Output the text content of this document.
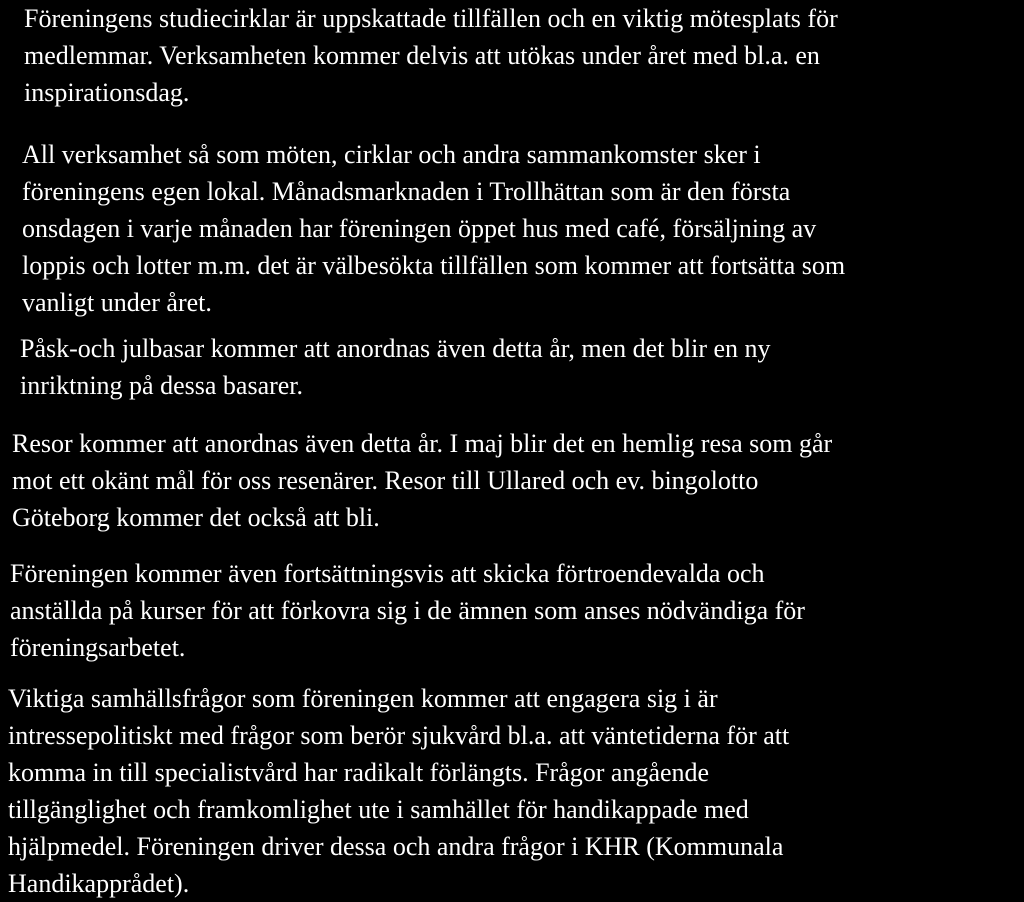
Föreningens studiecirklar är uppskattade tillfällen och en viktig mötesplats för
medlemmar. Verksamheten kommer delvis att utökas under året med bl.a. en
inspirationsdag.

All verksamhet så som möten, cirklar och andra sammankomster sker i
föreningens egen lokal. Månadsmarknaden i Trollhättan som är den första
onsdagen i varje månaden har föreningen öppet hus med café, försäljning av
loppis och lotter m.m. det är välbesökta tillfällen som kommer att fortsätta som
vanligt under året.

Påsk-och julbasar kommer att anordnas även detta år, men det blir en ny
inriktning på dessa basarer.

Resor kommer att anordnas även detta år. I maj blir det en hemlig resa som går
mot ett okänt mål för oss resenärer. Resor till Ullared och ev. bingolotto
Göteborg kommer det också att bli.

Föreningen kommer även fortsättningsvis att skicka förtroendevalda och
anställda på kurser för att förkovra sig i de ämnen som anses nödvändiga för
föreningsarbetet.

Viktiga samhällsfrågor som föreningen kommer att engagera sig i är
intressepolitiskt med frågor som berör sjukvård bl.a. att väntetiderna för att
komma in till specialistvård har radikalt förlängts. Frågor angående
tillgänglighet och framkomlighet ute i samhället för handikappade med
hjälpmedel. Föreningen driver dessa och andra frågor i KHR (Kommunala
Handikapprådet).
